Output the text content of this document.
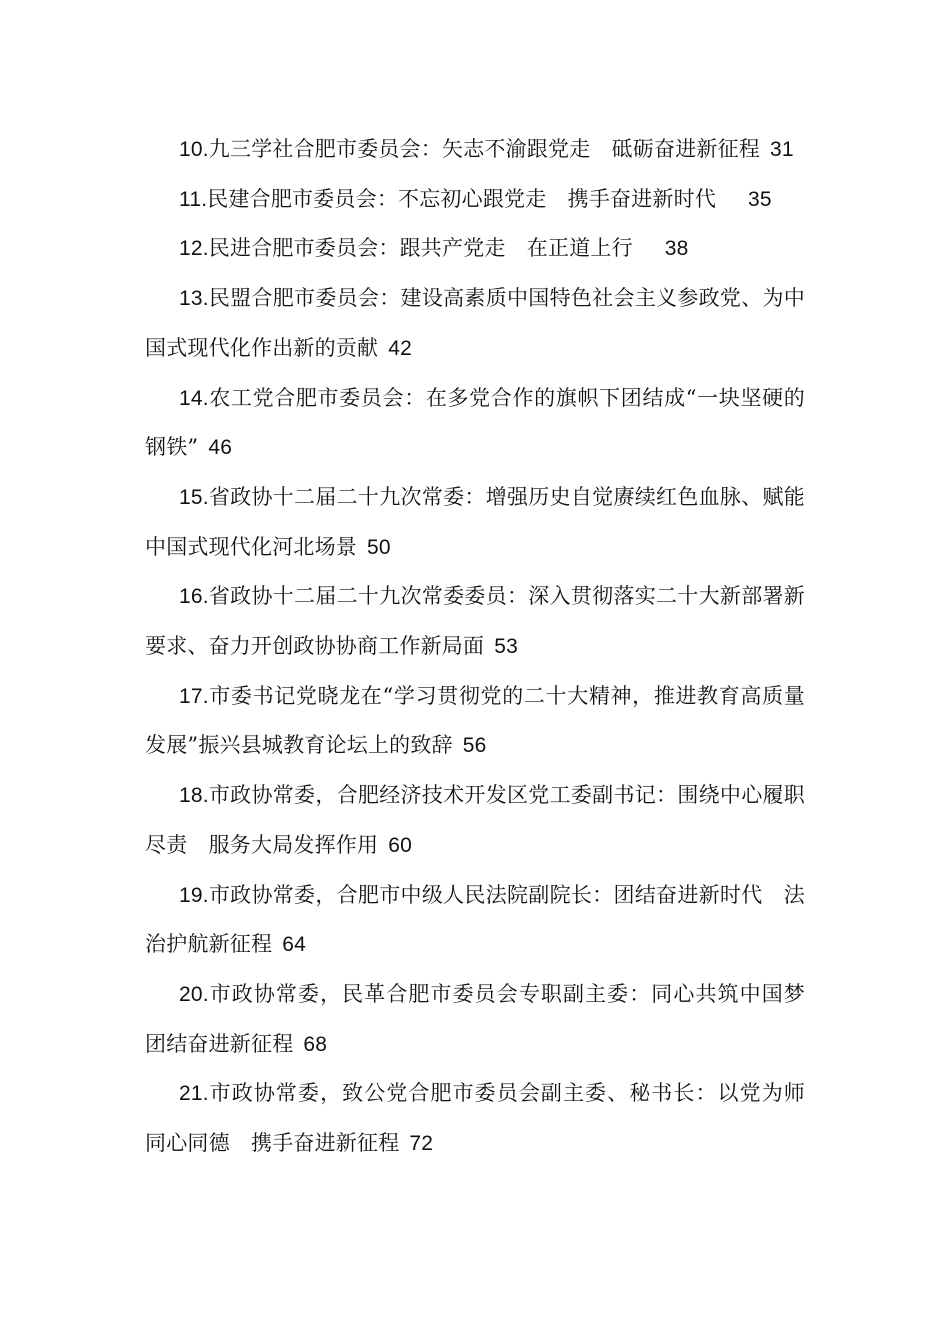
10.九三学社合肥市委员会：矢志不渝跟党走　砥砺奋进新征程 31
11.民建合肥市委员会：不忘初心跟党走　携手奋进新时代 35
12.民进合肥市委员会：跟共产党走　在正道上行 38
13.民盟合肥市委员会：建设高素质中国特色社会主义参政党、为中国式现代化作出新的贡献 42
14.农工党合肥市委员会：在多党合作的旗帜下团结成“一块坚硬的钢铁” 46
15.省政协十二届二十九次常委：增强历史自觉赓续红色血脉、赋能中国式现代化河北场景 50
16.省政协十二届二十九次常委委员：深入贯彻落实二十大新部署新要求、奋力开创政协协商工作新局面 53
17.市委书记党晓龙在“学习贯彻党的二十大精神，推进教育高质量发展”振兴县城教育论坛上的致辞 56
18.市政协常委，合肥经济技术开发区党工委副书记：围绕中心履职尽责　服务大局发挥作用 60
19.市政协常委，合肥市中级人民法院副院长：团结奋进新时代　法治护航新征程 64
20.市政协常委，民革合肥市委员会专职副主委：同心共筑中国梦　团结奋进新征程 68
21.市政协常委，致公党合肥市委员会副主委、秘书长：以党为师　同心同德　携手奋进新征程 72
